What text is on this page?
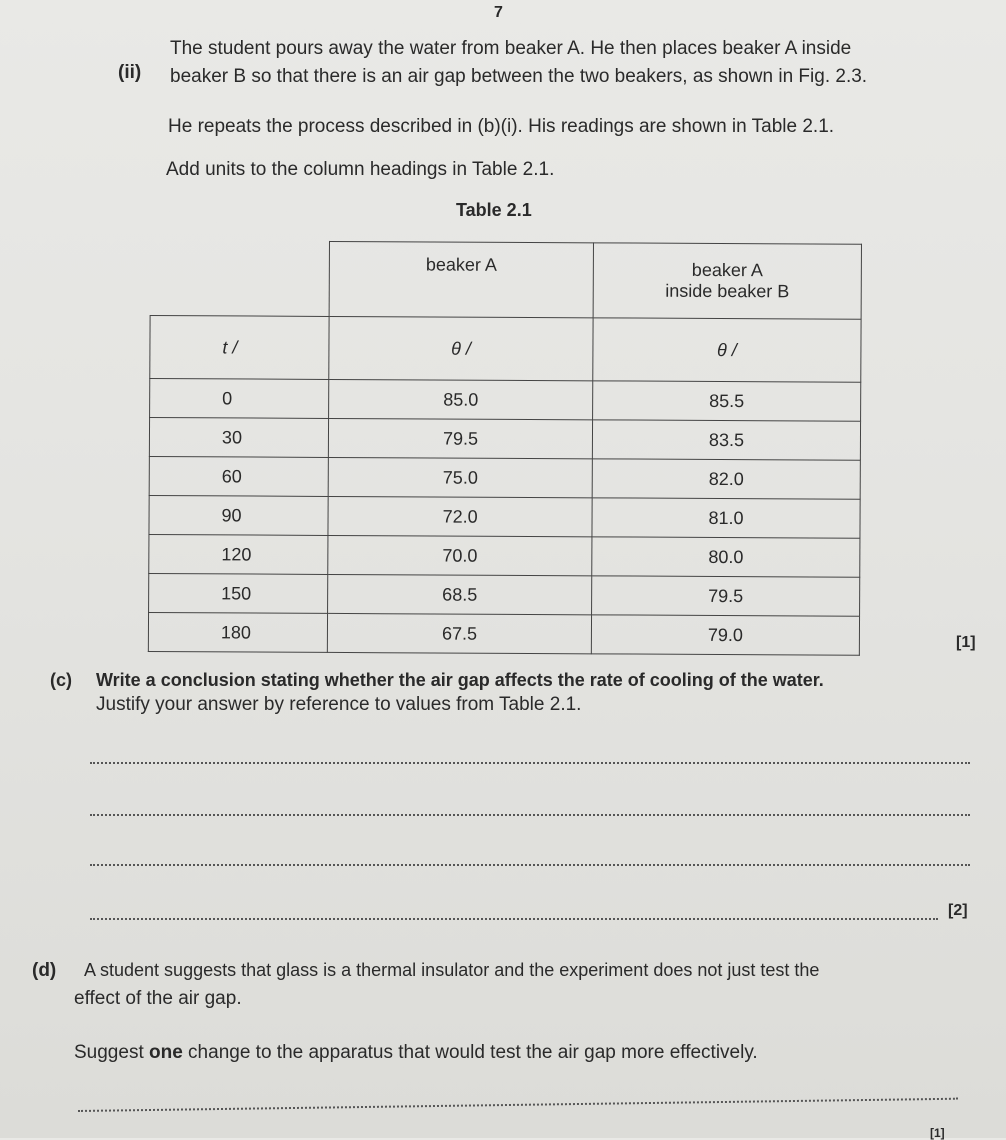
7
(ii)
The student pours away the water from beaker A. He then places beaker A inside
beaker B so that there is an air gap between the two beakers, as shown in Fig. 2.3.
He repeats the process described in (b)(i). His readings are shown in Table 2.1.
Add units to the column headings in Table 2.1.
Table 2.1
	beaker A	beaker A
inside beaker B

t /	θ /	θ /
0	85.0	85.5
30	79.5	83.5
60	75.0	82.0
90	72.0	81.0
120	70.0	80.0
150	68.5	79.5
180	67.5	79.0	[1]
(c) Write a conclusion stating whether the air gap affects the rate of cooling of the water.
Justify your answer by reference to values from Table 2.1.
[2]
(d) A student suggests that glass is a thermal insulator and the experiment does not just test the
effect of the air gap.
Suggest one change to the apparatus that would test the air gap more effectively.
[1]
